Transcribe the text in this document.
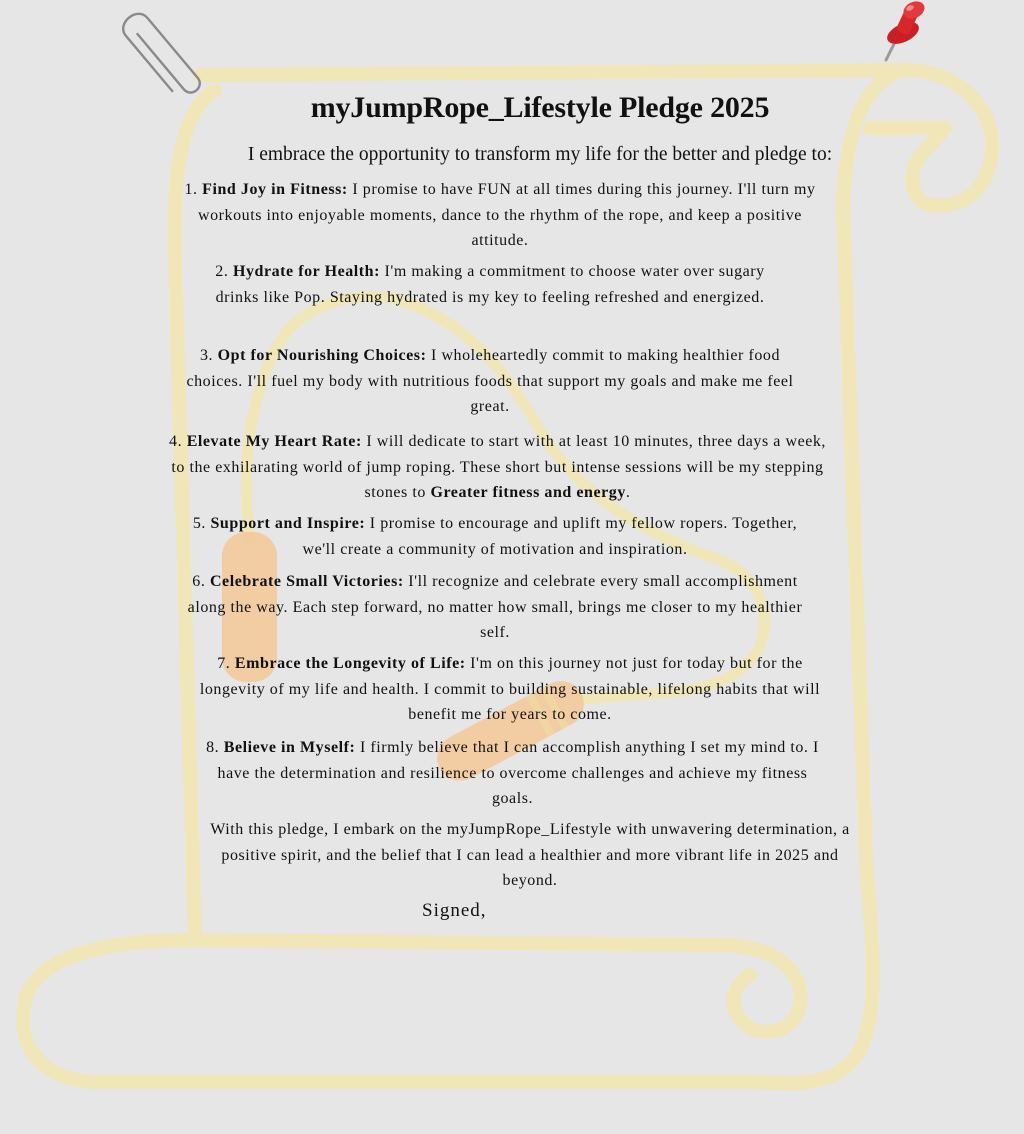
myJumpRope_Lifestyle Pledge 2025

I embrace the opportunity to transform my life for the better and pledge to:

1. Find Joy in Fitness: I promise to have FUN at all times during this journey. I'll turn my workouts into enjoyable moments, dance to the rhythm of the rope, and keep a positive attitude.

2. Hydrate for Health: I'm making a commitment to choose water over sugary drinks like Pop. Staying hydrated is my key to feeling refreshed and energized.

3. Opt for Nourishing Choices: I wholeheartedly commit to making healthier food choices. I'll fuel my body with nutritious foods that support my goals and make me feel great.

4. Elevate My Heart Rate: I will dedicate to start with at least 10 minutes, three days a week, to the exhilarating world of jump roping. These short but intense sessions will be my stepping stones to Greater fitness and energy.

5. Support and Inspire: I promise to encourage and uplift my fellow ropers. Together, we'll create a community of motivation and inspiration.

6. Celebrate Small Victories: I'll recognize and celebrate every small accomplishment along the way. Each step forward, no matter how small, brings me closer to my healthier self.

7. Embrace the Longevity of Life: I'm on this journey not just for today but for the longevity of my life and health. I commit to building sustainable, lifelong habits that will benefit me for years to come.

8. Believe in Myself: I firmly believe that I can accomplish anything I set my mind to. I have the determination and resilience to overcome challenges and achieve my fitness goals.

With this pledge, I embark on the myJumpRope_Lifestyle with unwavering determination, a positive spirit, and the belief that I can lead a healthier and more vibrant life in 2025 and beyond.

Signed,
